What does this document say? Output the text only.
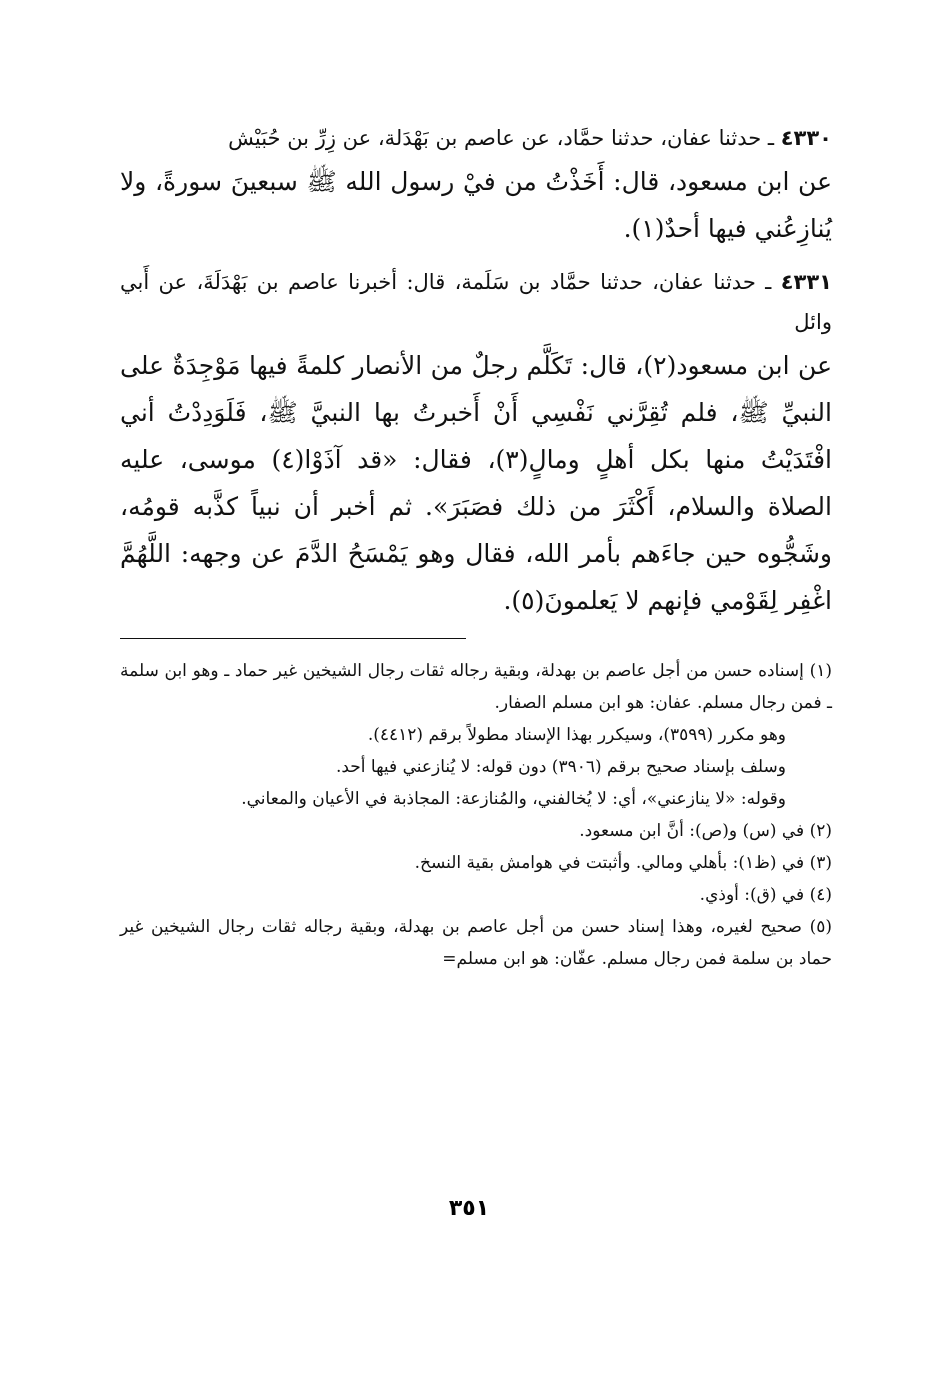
٤٣٣٠ ـ حدثنا عفان، حدثنا حمَّاد، عن عاصم بن بَهْدَلة، عن زِرِّ بن حُبَيْش

عن ابن مسعود، قال: أَخَذْتُ من فيْ رسول الله ﷺ سبعينَ سورةً، ولا يُنازِعُني فيها أحدٌ(١).

٤٣٣١ ـ حدثنا عفان، حدثنا حمَّاد بن سَلَمة، قال: أخبرنا عاصم بن بَهْدَلَةَ، عن أَبي وائل

عن ابن مسعود(٢)، قال: تَكَلَّم رجلٌ من الأنصار كلمةً فيها مَوْجِدَةٌ على النبيِّ ﷺ، فلم تُقِرَّني نَفْسِي أَنْ أَخبرتُ بها النبيَّ ﷺ، فَلَوَدِدْتُ أني افْتَدَيْتُ منها بكل أهلٍ ومالٍ(٣)، فقال: «قد آذَوْا(٤) موسى، عليه الصلاة والسلام، أَكْثَرَ من ذلك فصَبَرَ». ثم أخبر أن نبياً كذَّبه قومُه، وشَجُّوه حين جاءَهم بأمر الله، فقال وهو يَمْسَحُ الدَّمَ عن وجهه: اللَّهُمَّ اغْفِر لِقَوْمي فإنهم لا يَعلمونَ(٥).

(١) إسناده حسن من أجل عاصم بن بهدلة، وبقية رجاله ثقات رجال الشيخين غير حماد ـ وهو ابن سلمة ـ فمن رجال مسلم. عفان: هو ابن مسلم الصفار.

وهو مكرر (٣٥٩٩)، وسيكرر بهذا الإسناد مطولاً برقم (٤٤١٢).

وسلف بإسناد صحيح برقم (٣٩٠٦) دون قوله: لا يُنازعني فيها أحد.

وقوله: «لا ينازعني»، أي: لا يُخالفني، والمُنازعة: المجاذبة في الأعيان والمعاني.

(٢) في (س) و(ص): أنَّ ابن مسعود.

(٣) في (ظ١): بأهلي ومالي. وأثبتت في هوامش بقية النسخ.

(٤) في (ق): أوذي.

(٥) صحيح لغيره، وهذا إسناد حسن من أجل عاصم بن بهدلة، وبقية رجاله ثقات رجال الشيخين غير حماد بن سلمة فمن رجال مسلم. عفّان: هو ابن مسلم=

٣٥١
